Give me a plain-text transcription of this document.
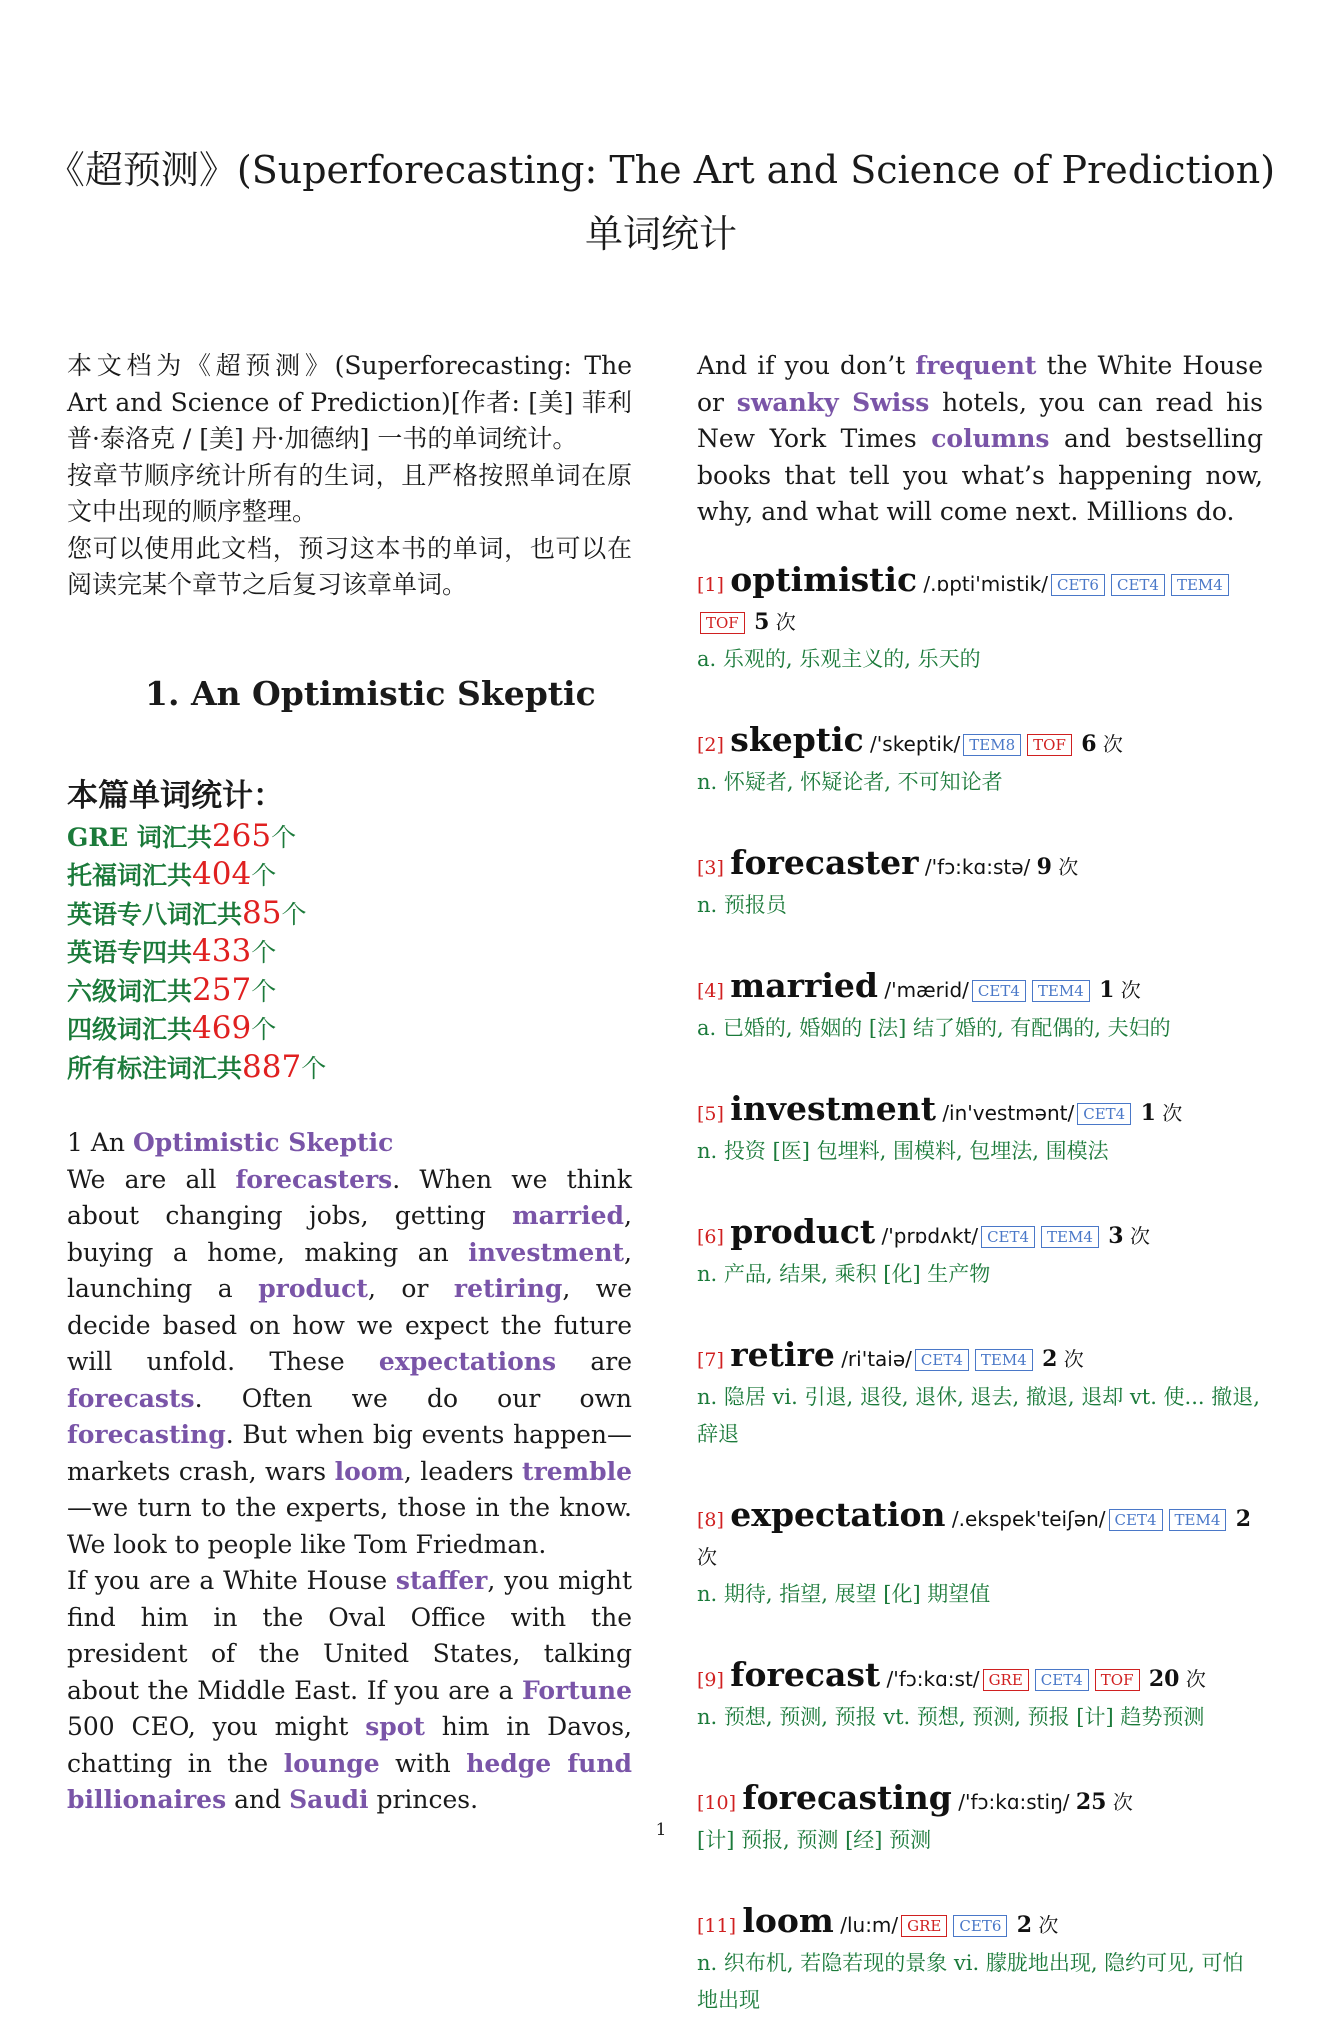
《超预测》(Superforecasting: The Art and Science of Prediction) 单词统计

本文档为《超预测》(Superforecasting: The Art and Science of Prediction)[作者: [美] 菲利普·泰洛克 / [美] 丹·加德纳] 一书的单词统计。

按章节顺序统计所有的生词，且严格按照单词在原文中出现的顺序整理。

您可以使用此文档，预习这本书的单词，也可以在阅读完某个章节之后复习该章单词。

1. An Optimistic Skeptic
本篇单词统计：
GRE 词汇共265个
托福词汇共404个
英语专八词汇共85个
英语专四共433个
六级词汇共257个
四级词汇共469个
所有标注词汇共887个

1 An Optimistic Skeptic

We are all forecasters. When we think about changing jobs, getting married, buying a home, making an investment, launching a product, or retiring, we decide based on how we expect the future will unfold. These expectations are forecasts. Often we do our own forecasting. But when big events happen—markets crash, wars loom, leaders tremble—we turn to the experts, those in the know. We look to people like Tom Friedman.

If you are a White House staffer, you might find him in the Oval Office with the president of the United States, talking about the Middle East. If you are a Fortune 500 CEO, you might spot him in Davos, chatting in the lounge with hedge fund billionaires and Saudi princes.

And if you don’t frequent the White House or swanky Swiss hotels, you can read his New York Times columns and bestselling books that tell you what’s happening now, why, and what will come next. Millions do.

[1] optimistic /.ɒpti'mistik/ CET6 CET4 TEM4TOF 5 次
a. 乐观的, 乐观主义的, 乐天的
[2] skeptic /'skeptik/ TEM8 TOF 6 次
n. 怀疑者, 怀疑论者, 不可知论者
[3] forecaster /'fɔ:kɑ:stə/ 9 次
n. 预报员
[4] married /'mærid/ CET4 TEM4 1 次
a. 已婚的, 婚姻的 [法] 结了婚的, 有配偶的, 夫妇的
[5] investment /in'vestmənt/ CET4 1 次
n. 投资 [医] 包埋料, 围模料, 包埋法, 围模法
[6] product /'prɒdʌkt/ CET4 TEM4 3 次
n. 产品, 结果, 乘积 [化] 生产物
[7] retire /ri'taiə/ CET4 TEM4 2 次
n. 隐居 vi. 引退, 退役, 退休, 退去, 撤退, 退却 vt. 使... 撤退, 辞退
[8] expectation /.ekspek'teiʃən/ CET4 TEM4 2 次
n. 期待, 指望, 展望 [化] 期望值
[9] forecast /'fɔ:kɑ:st/ GRE CET4 TOF 20 次
n. 预想, 预测, 预报 vt. 预想, 预测, 预报 [计] 趋势预测
[10] forecasting /'fɔ:kɑ:stiŋ/ 25 次
[计] 预报, 预测 [经] 预测
[11] loom /lu:m/ GRE CET6 2 次
n. 织布机, 若隐若现的景象 vi. 朦胧地出现, 隐约可见, 可怕地出现
1
